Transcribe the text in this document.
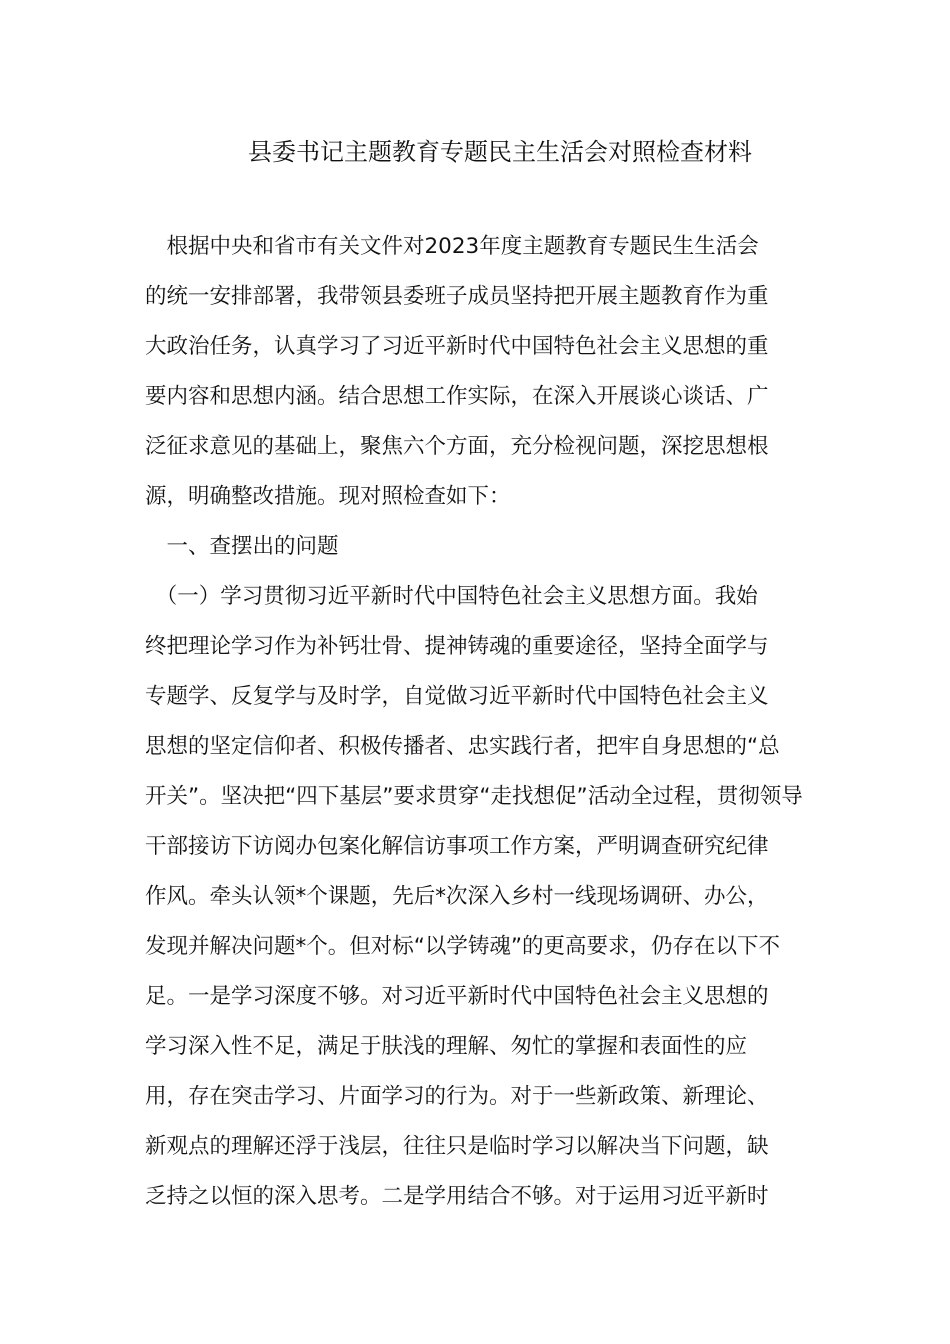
县委书记主题教育专题民主生活会对照检查材料
　根据中央和省市有关文件对2023年度主题教育专题民生生活会
的统一安排部署，我带领县委班子成员坚持把开展主题教育作为重
大政治任务，认真学习了习近平新时代中国特色社会主义思想的重
要内容和思想内涵。结合思想工作实际，在深入开展谈心谈话、广
泛征求意见的基础上，聚焦六个方面，充分检视问题，深挖思想根
源，明确整改措施。现对照检查如下：
　一、查摆出的问题
　（一）学习贯彻习近平新时代中国特色社会主义思想方面。我始
终把理论学习作为补钙壮骨、提神铸魂的重要途径，坚持全面学与
专题学、反复学与及时学，自觉做习近平新时代中国特色社会主义
思想的坚定信仰者、积极传播者、忠实践行者，把牢自身思想的“总
开关”。坚决把“四下基层”要求贯穿“走找想促”活动全过程，贯彻领导
干部接访下访阅办包案化解信访事项工作方案，严明调查研究纪律
作风。牵头认领*个课题，先后*次深入乡村一线现场调研、办公，
发现并解决问题*个。但对标“以学铸魂”的更高要求，仍存在以下不
足。一是学习深度不够。对习近平新时代中国特色社会主义思想的
学习深入性不足，满足于肤浅的理解、匆忙的掌握和表面性的应
用，存在突击学习、片面学习的行为。对于一些新政策、新理论、
新观点的理解还浮于浅层，往往只是临时学习以解决当下问题，缺
乏持之以恒的深入思考。二是学用结合不够。对于运用习近平新时
